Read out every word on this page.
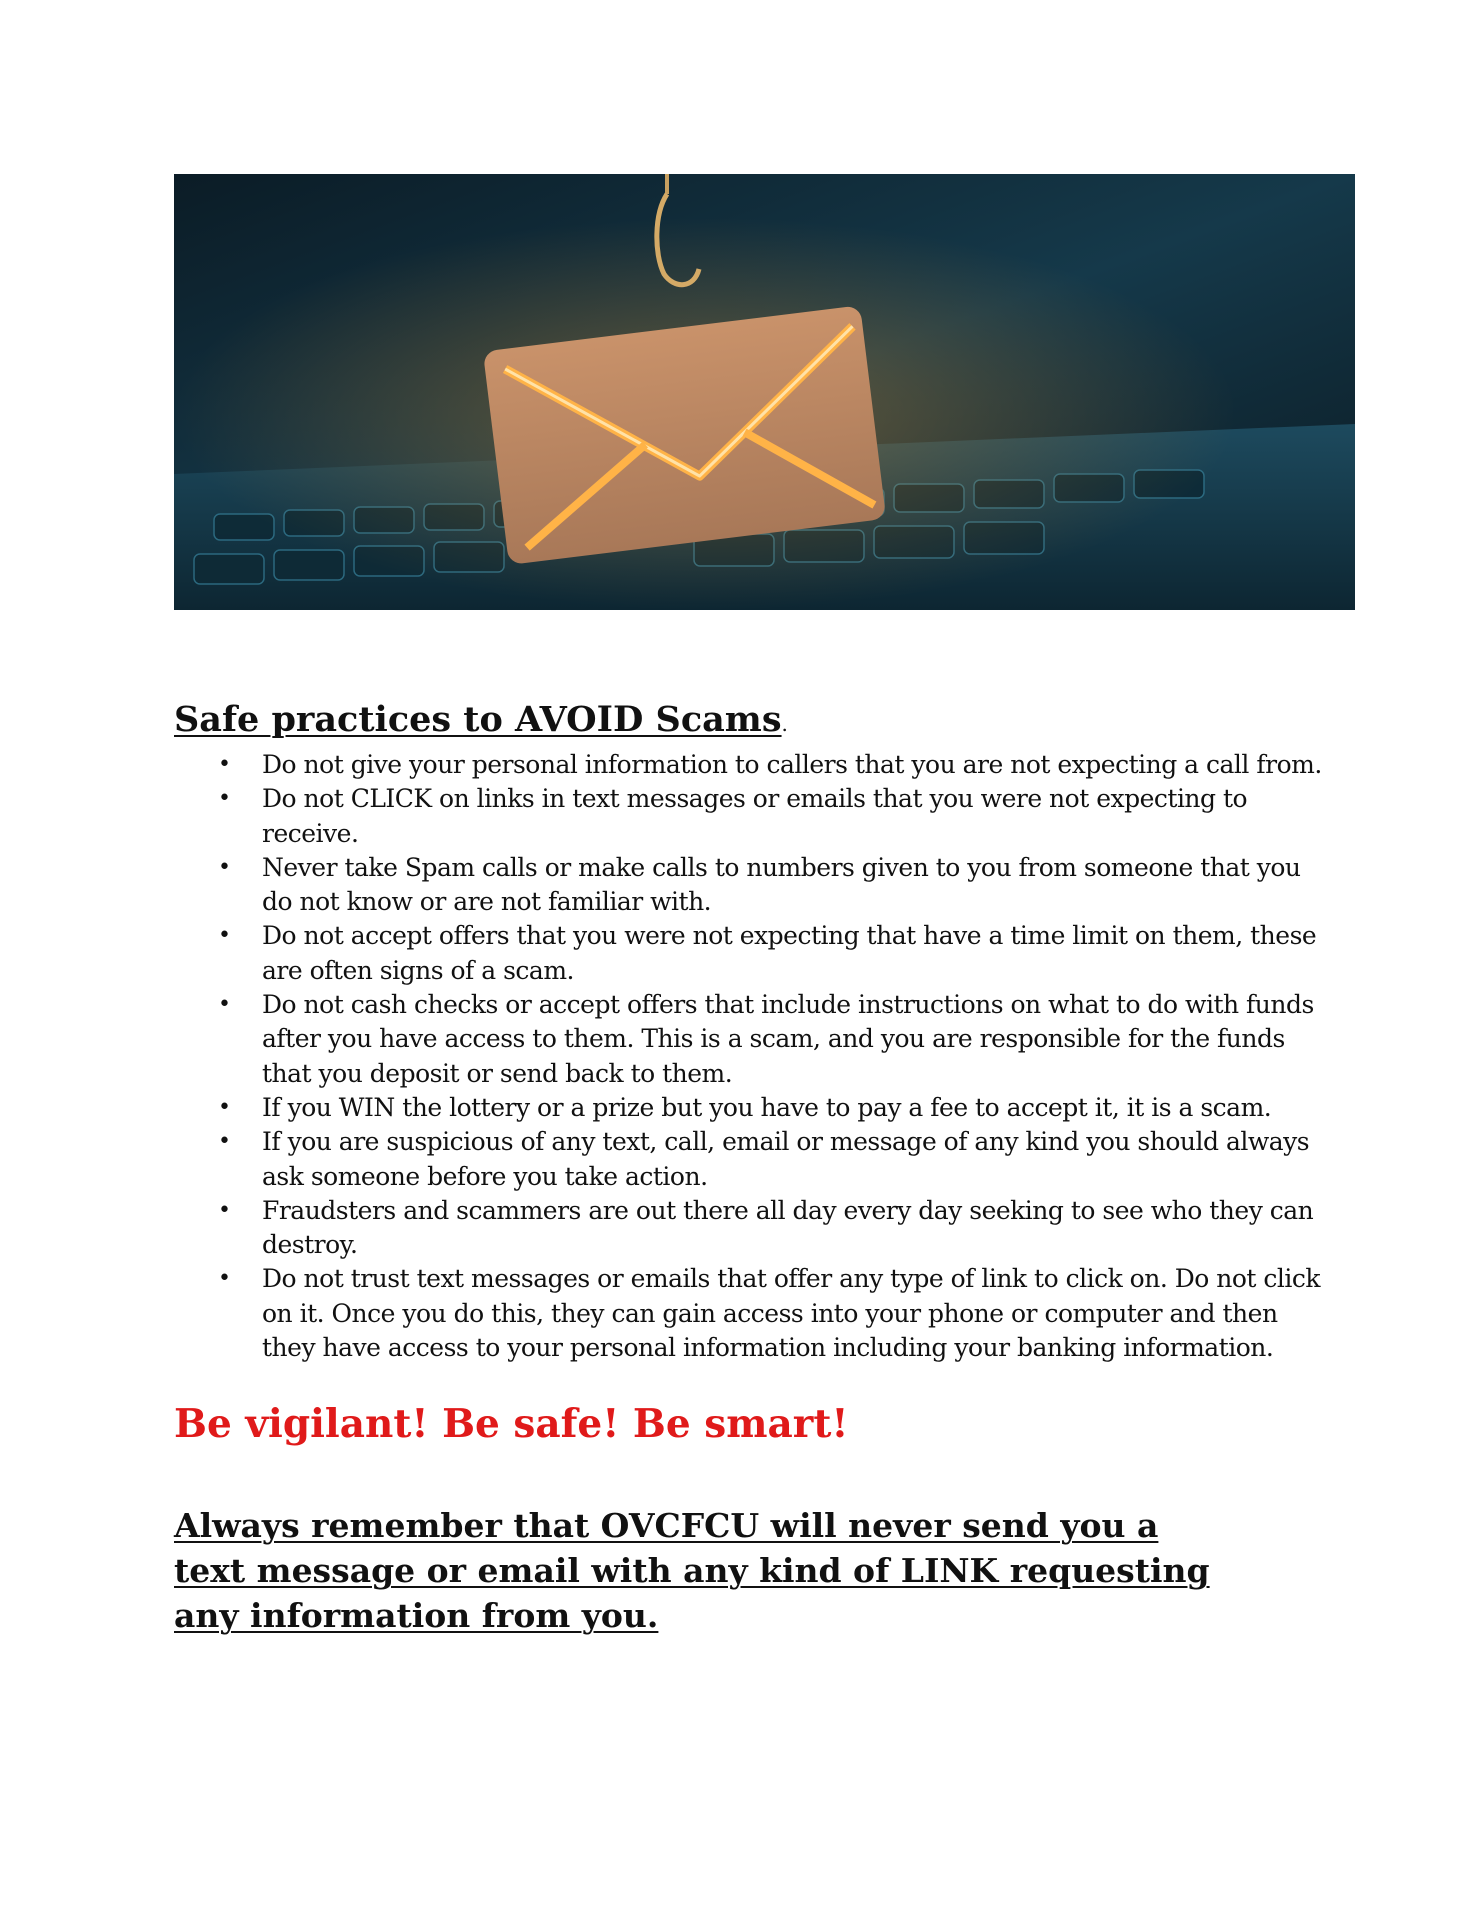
Safe practices to AVOID Scams.

• Do not give your personal information to callers that you are not expecting a call from.
• Do not CLICK on links in text messages or emails that you were not expecting to receive.
• Never take Spam calls or make calls to numbers given to you from someone that you do not know or are not familiar with.
• Do not accept offers that you were not expecting that have a time limit on them, these are often signs of a scam.
• Do not cash checks or accept offers that include instructions on what to do with funds after you have access to them. This is a scam, and you are responsible for the funds that you deposit or send back to them.
• If you WIN the lottery or a prize but you have to pay a fee to accept it, it is a scam.
• If you are suspicious of any text, call, email or message of any kind you should always ask someone before you take action.
• Fraudsters and scammers are out there all day every day seeking to see who they can destroy.
• Do not trust text messages or emails that offer any type of link to click on. Do not click on it. Once you do this, they can gain access into your phone or computer and then they have access to your personal information including your banking information.

Be vigilant! Be safe! Be smart!

Always remember that OVCFCU will never send you a text message or email with any kind of LINK requesting any information from you.
